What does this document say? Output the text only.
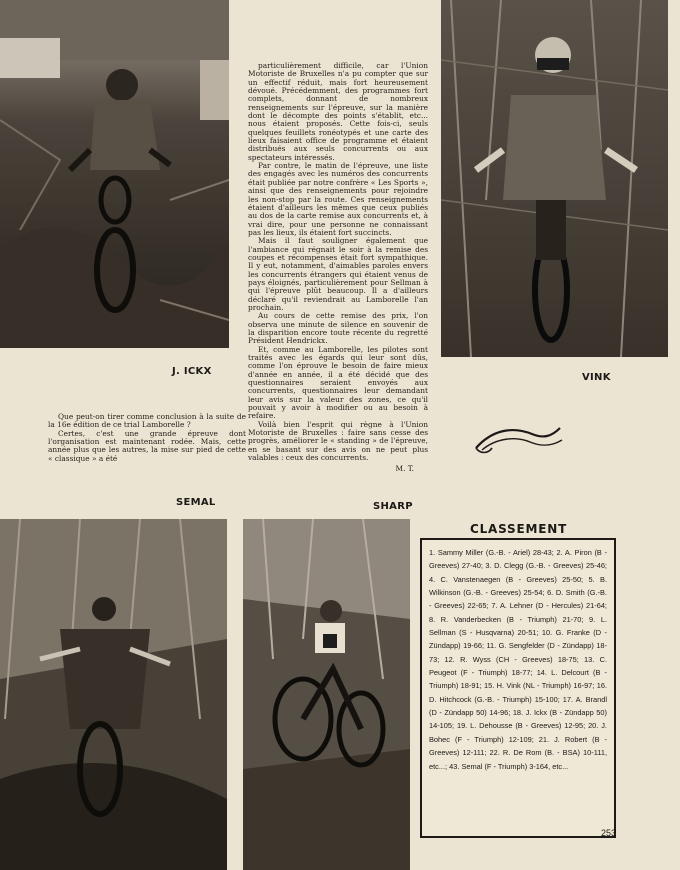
J. ICKX
VINK
SEMAL	SHARP

particulièrement difficile, car l'Union Motoriste de Bruxelles n'a pu compter que sur un effectif réduit, mais fort heureusement dévoué. Précédemment, des programmes fort complets, donnant de nombreux renseignements sur l'épreuve, sur la manière dont le décompte des points s'établit, etc... nous étaient proposés. Cette fois-ci, seuls quelques feuillets ronéotypés et une carte des lieux faisaient office de programme et étaient distribués aux seuls concurrents ou aux spectateurs intéressés.

Par contre, le matin de l'épreuve, une liste des engagés avec les numéros des concurrents était publiée par notre confrère « Les Sports », ainsi que des renseignements pour rejoindre les non-stop par la route. Ces renseignements étaient d'ailleurs les mêmes que ceux publiés au dos de la carte remise aux concurrents et, à vrai dire, pour une personne ne connaissant pas les lieux, ils étaient fort succincts.

Mais il faut souligner également que l'ambiance qui régnait le soir à la remise des coupes et récompenses était fort sympathique. Il y eut, notamment, d'aimables paroles envers les concurrents étrangers qui étaient venus de pays éloignés, particulièrement pour Sellman à qui l'épreuve plût beaucoup. Il a d'ailleurs déclaré qu'il reviendrait au Lamborelle l'an prochain.

Au cours de cette remise des prix, l'on observa une minute de silence en souvenir de la disparition encore toute récente du regretté Président Hendrickx.

Et, comme au Lamborelle, les pilotes sont traités avec les égards qui leur sont dûs, comme l'on éprouve le besoin de faire mieux d'année en année, il a été décidé que des questionnaires seraient envoyés aux concurrents, questionnaires leur demandant leur avis sur la valeur des zones, ce qu'il pouvait y avoir à modifier ou au besoin à refaire.

Voilà bien l'esprit qui règne à l'Union Motoriste de Bruxelles : faire sans cesse des progrès, améliorer le « standing » de l'épreuve, en se basant sur des avis on ne peut plus valables : ceux des concurrents.

M. T.

Que peut-on tirer comme conclusion à la suite de la 16e édition de ce trial Lamborelle ?

Certes, c'est une grande épreuve dont l'organisation est maintenant rodée. Mais, cette année plus que les autres, la mise sur pied de cette « classique » a été

1. Sammy Miller (G.-B. - Ariel) 28-43; 2. A. Piron (B - Greeves) 27-40; 3. D. Clegg (G.-B. - Greeves) 25-46; 4. C. Vanstenaegen (B - Greeves) 25-50; 5. B. Wilkinson (G.-B. - Greeves) 25-54; 6. D. Smith (G.-B. - Greeves) 22-65; 7. A. Lehner (D - Hercules) 21-64; 8. R. Vanderbecken (B - Triumph) 21-70; 9. L. Sellman (S - Husqvarna) 20-51; 10. G. Franke (D - Zündapp) 19-66; 11. G. Sengfelder (D - Zündapp) 18-73; 12. R. Wyss (CH - Greeves) 18-75; 13. C. Peugeot (F - Triumph) 18-77; 14. L. Delcourt (B - Triumph) 18-91; 15. H. Vink (NL - Triumph) 16-97; 16. D. Hitchcock (G.-B. - Triumph) 15-100; 17. A. Brandl (D - Zündapp 50) 14-96; 18. J. Ickx (B - Zündapp 50) 14-105; 19. L. Dehousse (B - Greeves) 12-95; 20. J. Bohec (F - Triumph) 12-109; 21. J. Robert (B - Greeves) 12-111; 22. R. De Rom (B. - BSA) 10-111, etc...; 43. Semal (F - Triumph) 3-164, etc...
CLASSEMENT
253
